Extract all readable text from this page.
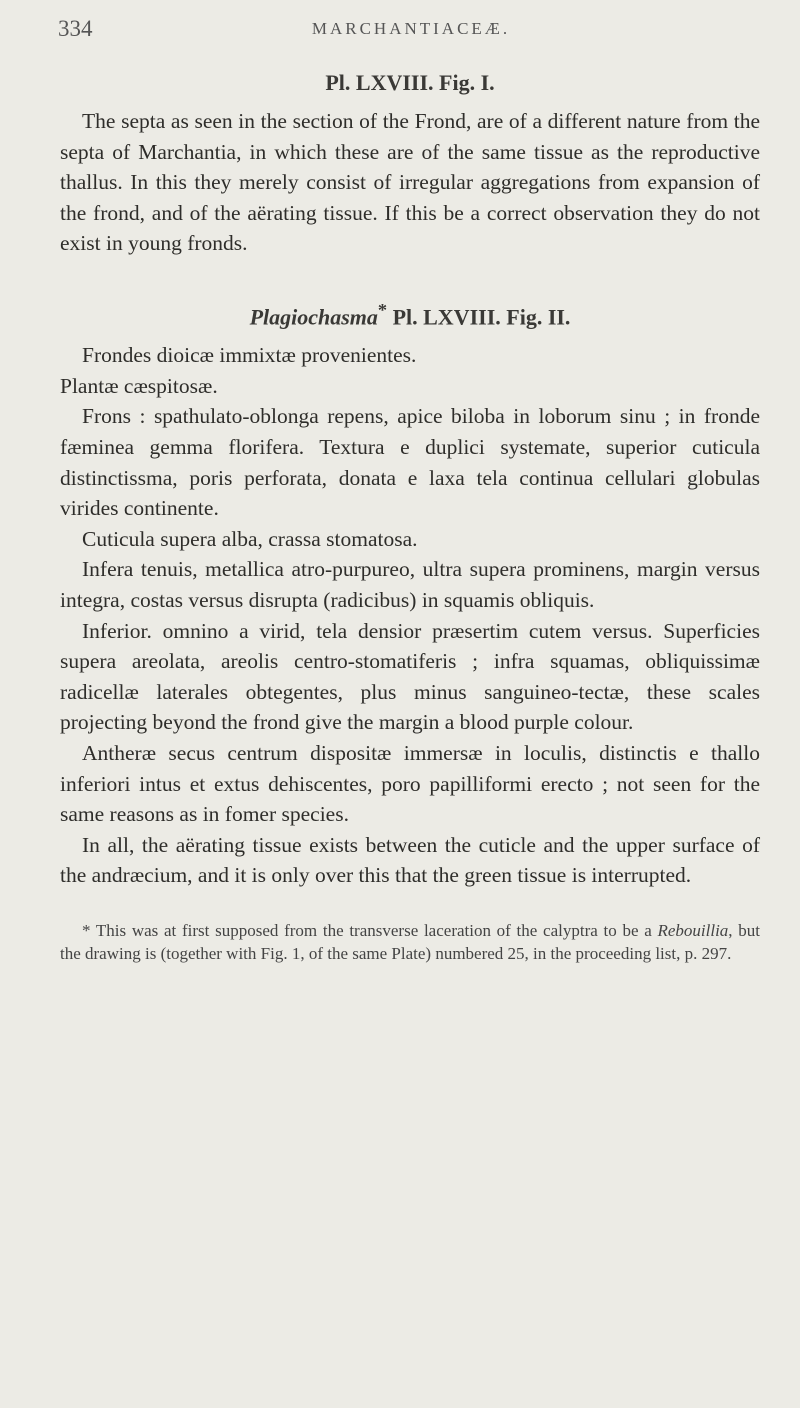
334	MARCHANTIACEÆ.
Pl. LXVIII. Fig. I.

The septa as seen in the section of the Frond, are of a different nature from the septa of Marchantia, in which these are of the same tissue as the reproductive thallus. In this they merely consist of irregular aggregations from expansion of the frond, and of the aërating tissue. If this be a correct observation they do not exist in young fronds.

Plagiochasma* Pl. LXVIII. Fig. II.

Frondes dioicæ immixtæ provenientes.

Plantæ cæspitosæ.

Frons : spathulato-oblonga repens, apice biloba in loborum sinu ; in fronde fæminea gemma florifera. Textura e duplici systemate, superior cuticula distinctissma, poris perforata, donata e laxa tela continua cellulari globulas virides continente.

Cuticula supera alba, crassa stomatosa.

Infera tenuis, metallica atro-purpureo, ultra supera prominens, margin versus integra, costas versus disrupta (radicibus) in squamis obliquis.

Inferior. omnino a virid, tela densior præsertim cutem versus. Superficies supera areolata, areolis centro-stomatiferis ; infra squamas, obliquissimæ radicellæ laterales obtegentes, plus minus sanguineo-tectæ, these scales projecting beyond the frond give the margin a blood purple colour.

Antheræ secus centrum dispositæ immersæ in loculis, distinctis e thallo inferiori intus et extus dehiscentes, poro papilliformi erecto ; not seen for the same reasons as in fomer species.

In all, the aërating tissue exists between the cuticle and the upper surface of the andræcium, and it is only over this that the green tissue is interrupted.

* This was at first supposed from the transverse laceration of the calyptra to be a Rebouillia, but the drawing is (together with Fig. 1, of the same Plate) numbered 25, in the proceeding list, p. 297.
